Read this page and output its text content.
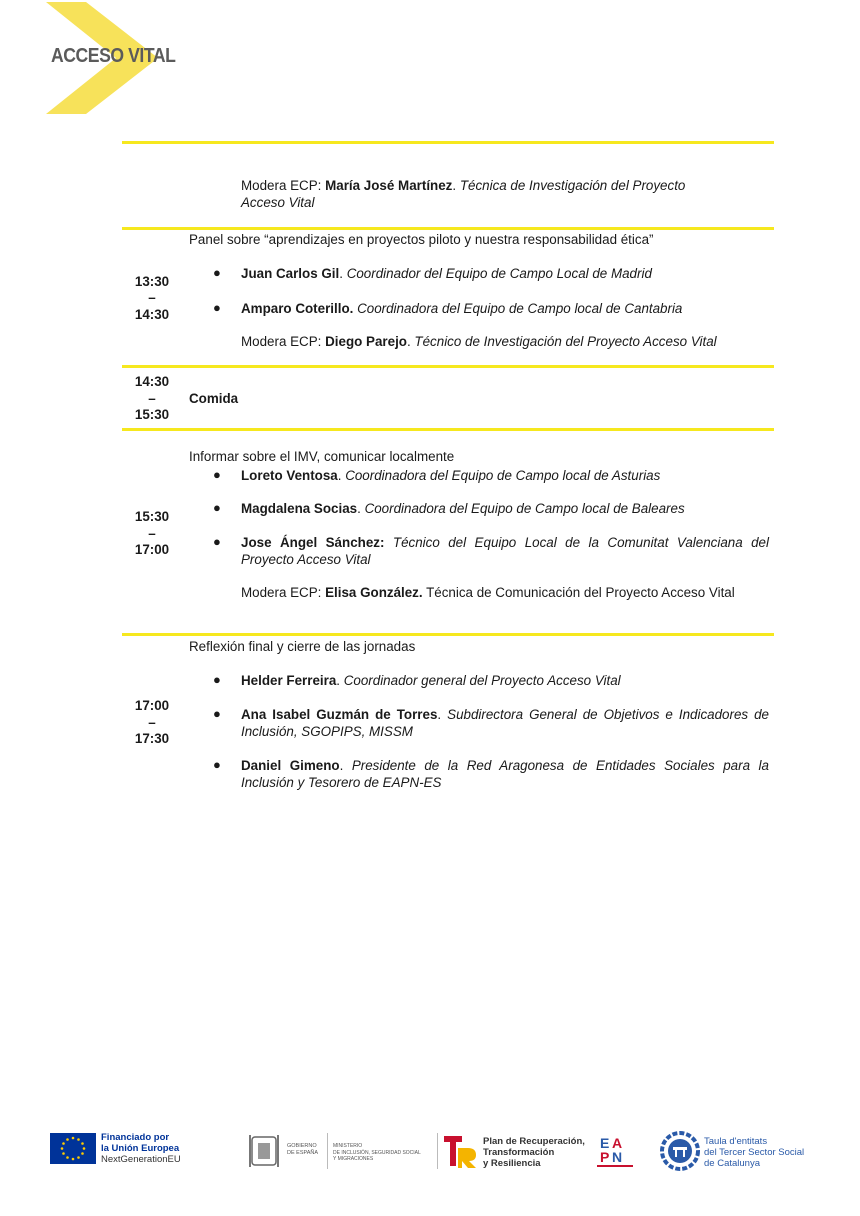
ACCESO VITAL
Modera ECP: María José Martínez. Técnica de Investigación del Proyecto
Acceso Vital
Panel sobre “aprendizajes en proyectos piloto y nuestra responsabilidad ética”
13:30
–
14:30
● Juan Carlos Gil. Coordinador del Equipo de Campo Local de Madrid
● Amparo Coterillo. Coordinadora del Equipo de Campo local de Cantabria
Modera ECP: Diego Parejo. Técnico de Investigación del Proyecto Acceso Vital
14:30
–
15:30
Comida
Informar sobre el IMV, comunicar localmente
15:30
–
17:00
● Loreto Ventosa. Coordinadora del Equipo de Campo local de Asturias
● Magdalena Socias. Coordinadora del Equipo de Campo local de Baleares
● Jose Ángel Sánchez: Técnico del Equipo Local de la Comunitat Valenciana del Proyecto Acceso Vital
Modera ECP: Elisa González. Técnica de Comunicación del Proyecto Acceso Vital
Reflexión final y cierre de las jornadas
17:00
–
17:30
● Helder Ferreira. Coordinador general del Proyecto Acceso Vital
● Ana Isabel Guzmán de Torres. Subdirectora General de Objetivos e Indicadores de Inclusión, SGOPIPS, MISSM
● Daniel Gimeno. Presidente de la Red Aragonesa de Entidades Sociales para la Inclusión y Tesorero de EAPN-ES
Financiado por
la Unión Europea
NextGenerationEU
GOBIERNO
DE ESPAÑA
MINISTERIO
DE INCLUSIÓN, SEGURIDAD SOCIAL
Y MIGRACIONES
Plan de Recuperación,
Transformación
y Resiliencia
E A
P N
Taula d'entitats
del Tercer Sector Social
de Catalunya
